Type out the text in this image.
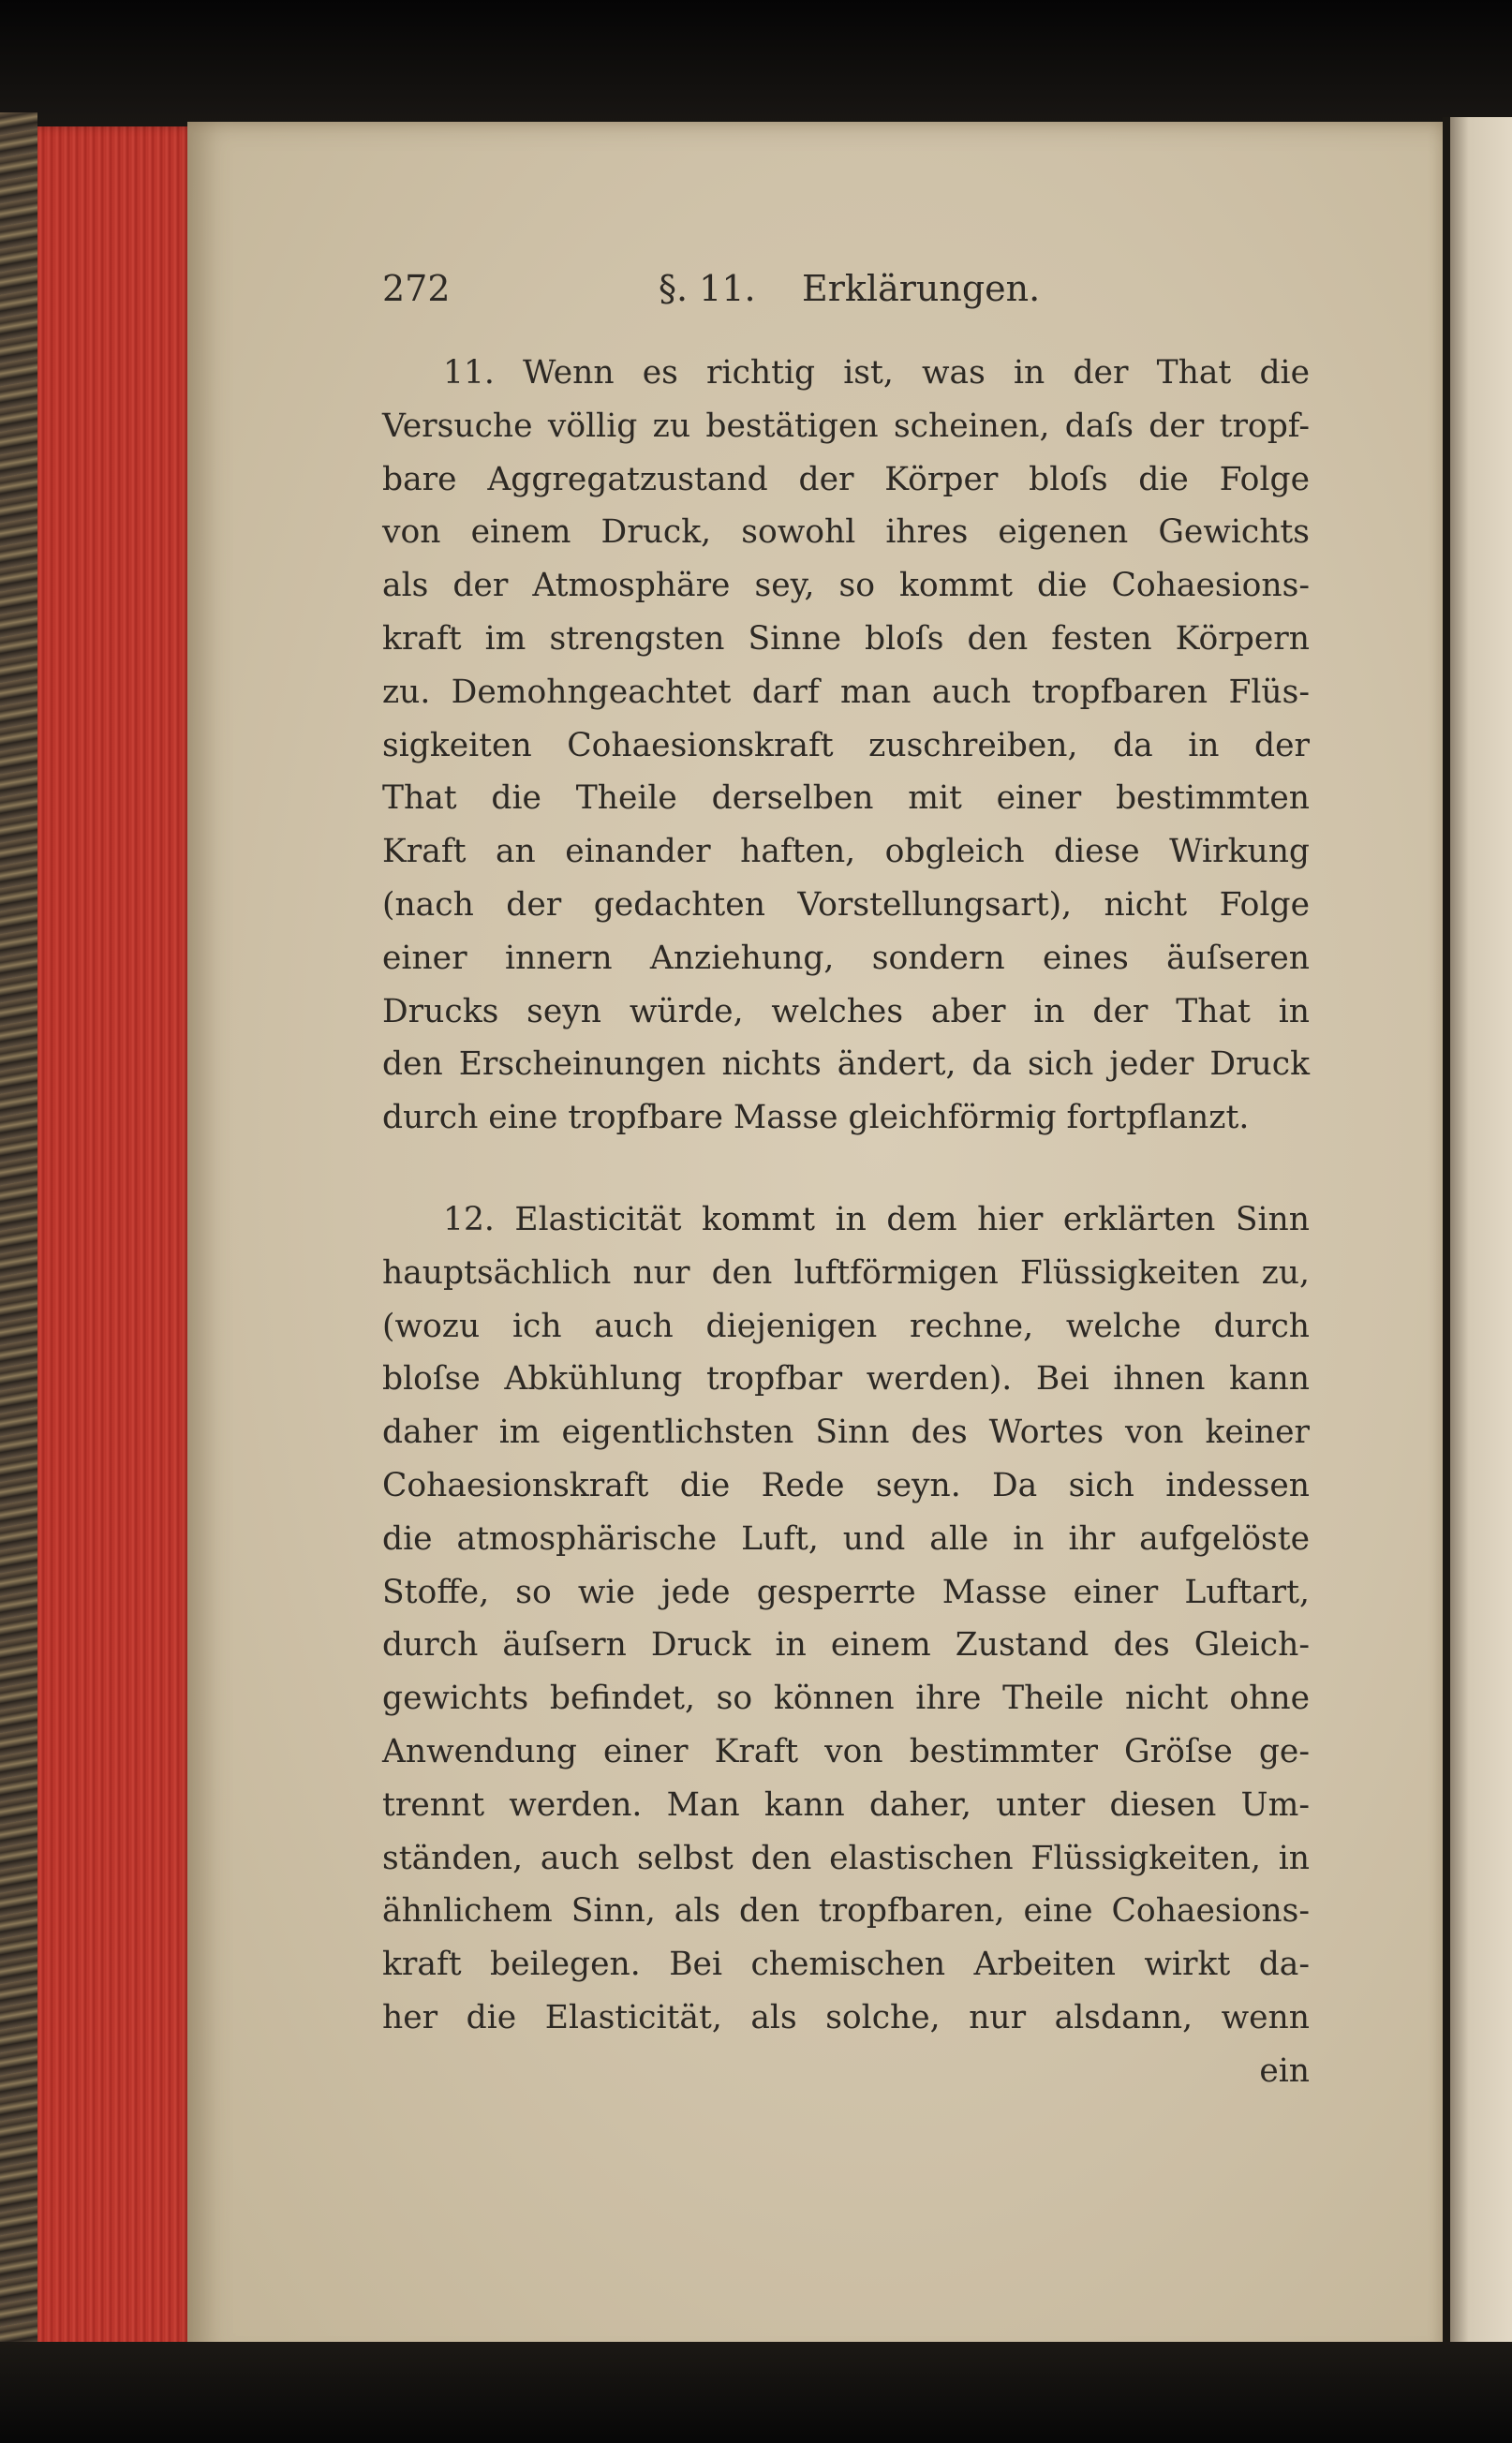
272	§. 11. Erklärungen.
11. Wenn es richtig ist, was in der That die
Versuche völlig zu bestätigen scheinen, daſs der tropf-
bare Aggregatzustand der Körper bloſs die Folge
von einem Druck, sowohl ihres eigenen Gewichts
als der Atmosphäre sey, so kommt die Cohaesions-
kraft im strengsten Sinne bloſs den festen Körpern
zu. Demohngeachtet darf man auch tropfbaren Flüs-
sigkeiten Cohaesionskraft zuschreiben, da in der
That die Theile derselben mit einer bestimmten
Kraft an einander haften, obgleich diese Wirkung
(nach der gedachten Vorstellungsart), nicht Folge
einer innern Anziehung, sondern eines äuſseren
Drucks seyn würde, welches aber in der That in
den Erscheinungen nichts ändert, da sich jeder Druck
durch eine tropfbare Masse gleichförmig fortpflanzt.
12. Elasticität kommt in dem hier erklärten Sinn
hauptsächlich nur den luftförmigen Flüssigkeiten zu,
(wozu ich auch diejenigen rechne, welche durch
bloſse Abkühlung tropfbar werden). Bei ihnen kann
daher im eigentlichsten Sinn des Wortes von keiner
Cohaesionskraft die Rede seyn. Da sich indessen
die atmosphärische Luft, und alle in ihr aufgelöste
Stoffe, so wie jede gesperrte Masse einer Luftart,
durch äuſsern Druck in einem Zustand des Gleich-
gewichts befindet, so können ihre Theile nicht ohne
Anwendung einer Kraft von bestimmter Gröſse ge-
trennt werden. Man kann daher, unter diesen Um-
ständen, auch selbst den elastischen Flüssigkeiten, in
ähnlichem Sinn, als den tropfbaren, eine Cohaesions-
kraft beilegen. Bei chemischen Arbeiten wirkt da-
her die Elasticität, als solche, nur alsdann, wenn
ein
